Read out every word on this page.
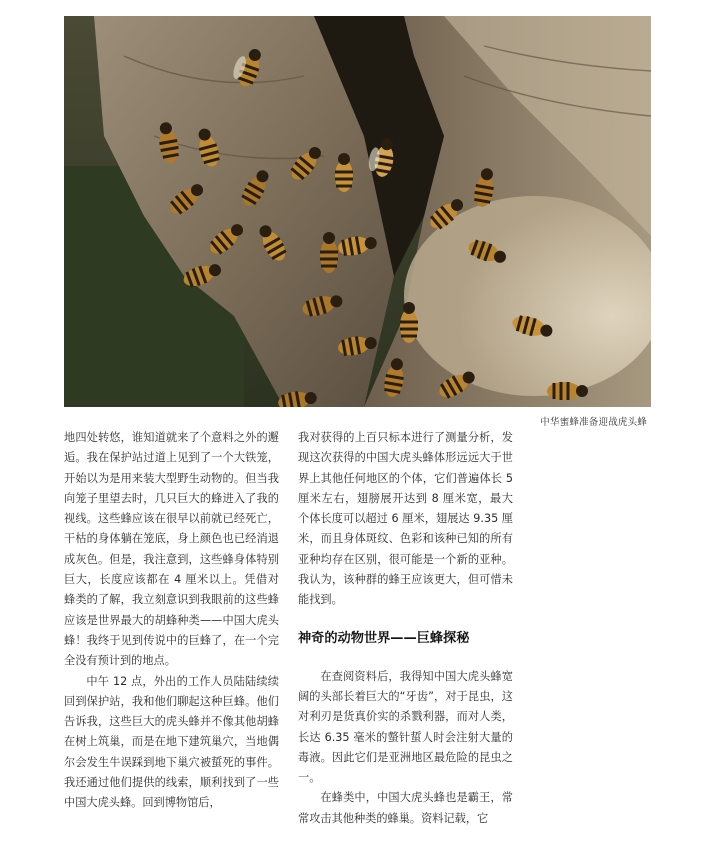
中华蜜蜂准备迎战虎头蜂

地四处转悠，谁知道就来了个意料之外的邂逅。我在保护站过道上见到了一个大铁笼，开始以为是用来装大型野生动物的。但当我向笼子里望去时，几只巨大的蜂进入了我的视线。这些蜂应该在很早以前就已经死亡，干枯的身体躺在笼底，身上颜色也已经消退成灰色。但是，我注意到，这些蜂身体特别巨大，长度应该都在 4 厘米以上。凭借对蜂类的了解，我立刻意识到我眼前的这些蜂应该是世界最大的胡蜂种类——中国大虎头蜂！我终于见到传说中的巨蜂了，在一个完全没有预计到的地点。

中午 12 点，外出的工作人员陆陆续续回到保护站，我和他们聊起这种巨蜂。他们告诉我，这些巨大的虎头蜂并不像其他胡蜂在树上筑巢，而是在地下建筑巢穴，当地偶尔会发生牛误踩到地下巢穴被蜇死的事件。我还通过他们提供的线索，顺利找到了一些中国大虎头蜂。回到博物馆后，

我对获得的上百只标本进行了测量分析，发现这次获得的中国大虎头蜂体形远远大于世界上其他任何地区的个体，它们普遍体长 5 厘米左右，翅膀展开达到 8 厘米宽，最大个体长度可以超过 6 厘米，翅展达 9.35 厘米，而且身体斑纹、色彩和该种已知的所有亚种均存在区别，很可能是一个新的亚种。我认为，该种群的蜂王应该更大，但可惜未能找到。

神奇的动物世界——巨蜂探秘

在查阅资料后，我得知中国大虎头蜂宽阔的头部长着巨大的“牙齿”，对于昆虫，这对利刃是货真价实的杀戮利器，而对人类，长达 6.35 毫米的螫针蜇人时会注射大量的毒液。因此它们是亚洲地区最危险的昆虫之一。

在蜂类中，中国大虎头蜂也是霸王，常常攻击其他种类的蜂巢。资料记载，它
